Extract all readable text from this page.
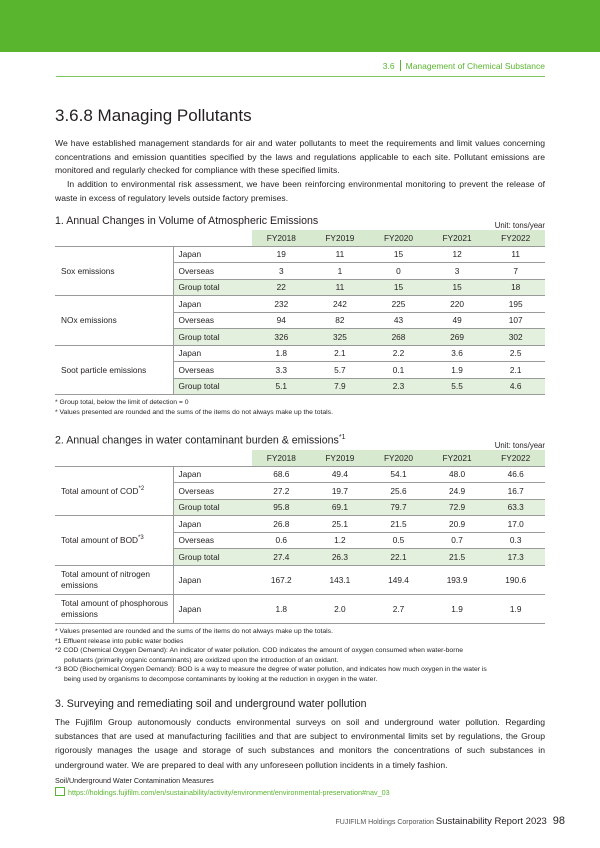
3.6 Management of Chemical Substance
3.6.8 Managing Pollutants

We have established management standards for air and water pollutants to meet the requirements and limit values concerning concentrations and emission quantities specified by the laws and regulations applicable to each site. Pollutant emissions are monitored and regularly checked for compliance with these specified limits.

In addition to environmental risk assessment, we have been reinforcing environmental monitoring to prevent the release of waste in excess of regulatory levels outside factory premises.

1. Annual Changes in Volume of Atmospheric Emissions	Unit: tons/year
		FY2018	FY2019	FY2020	FY2021	FY2022
Sox emissions	Japan	19	11	15	12	11
	Overseas	3	1	0	3	7
	Group total	22	11	15	15	18
NOx emissions	Japan	232	242	225	220	195
	Overseas	94	82	43	49	107
	Group total	326	325	268	269	302
Soot particle emissions	Japan	1.8	2.1	2.2	3.6	2.5
	Overseas	3.3	5.7	0.1	1.9	2.1
	Group total	5.1	7.9	2.3	5.5	4.6
* Group total, below the limit of detection = 0
* Values presented are rounded and the sums of the items do not always make up the totals.
2. Annual changes in water contaminant burden & emissions$^{*1}$
Unit: tons/year
		FY2018	FY2019	FY2020	FY2021	FY2022
Total amount of COD$^{*2}$	Japan	68.6	49.4	54.1	48.0	46.6
	Overseas	27.2	19.7	25.6	24.9	16.7
	Group total	95.8	69.1	79.7	72.9	63.3
Total amount of BOD$^{*3}$	Japan	26.8	25.1	21.5	20.9	17.0
	Overseas	0.6	1.2	0.5	0.7	0.3
	Group total	27.4	26.3	22.1	21.5	17.3
Total amount of nitrogen emissions	Japan	167.2	143.1	149.4	193.9	190.6
Total amount of phosphorous emissions	Japan	1.8	2.0	2.7	1.9	1.9
* Values presented are rounded and the sums of the items do not always make up the totals.
*1 Effluent release into public water bodies
*2 COD (Chemical Oxygen Demand): An indicator of water pollution. COD indicates the amount of oxygen consumed when water-borne
pollutants (primarily organic contaminants) are oxidized upon the introduction of an oxidant.
*3 BOD (Biochemical Oxygen Demand): BOD is a way to measure the degree of water pollution, and indicates how much oxygen in the water is
being used by organisms to decompose contaminants by looking at the reduction in oxygen in the water.
3. Surveying and remediating soil and underground water pollution

The Fujifilm Group autonomously conducts environmental surveys on soil and underground water pollution. Regarding substances that are used at manufacturing facilities and that are subject to environmental limits set by regulations, the Group rigorously manages the usage and storage of such substances and monitors the concentrations of such substances in underground water. We are prepared to deal with any unforeseen pollution incidents in a timely fashion.

Soil/Underground Water Contamination Measures
https://holdings.fujifilm.com/en/sustainability/activity/environment/environmental-preservation#nav_03
FUJIFILM Holdings Corporation Sustainability Report 2023 98
